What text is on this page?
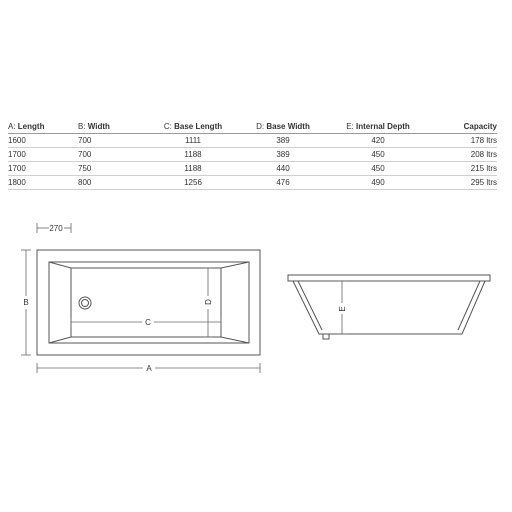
A: Length	B: Width	C: Base Length	D: Base Width	E: Internal Depth	Capacity
1600	700	1111	389	420	178 ltrs
1700	700	1188	389	450	208 ltrs
1700	750	1188	440	450	215 ltrs
1800	800	1256	476	490	295 ltrs
270
B
C
D
A
E
